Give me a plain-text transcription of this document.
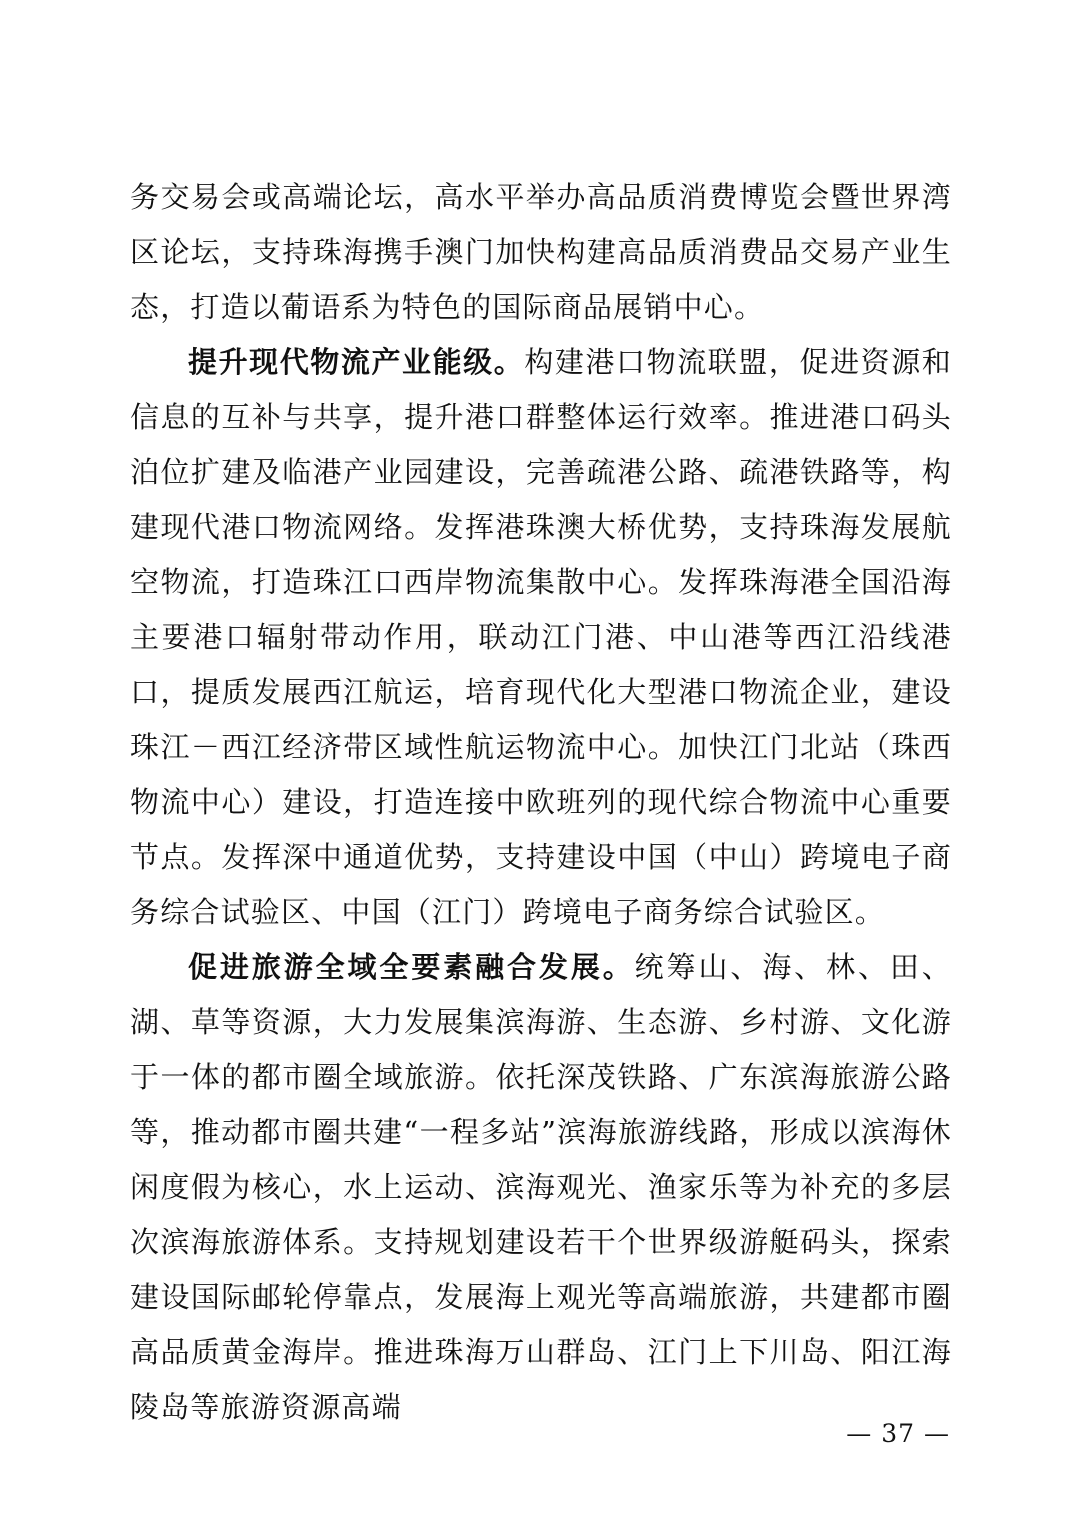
务交易会或高端论坛，高水平举办高品质消费博览会暨世界湾区论坛，支持珠海携手澳门加快构建高品质消费品交易产业生态，打造以葡语系为特色的国际商品展销中心。

提升现代物流产业能级。构建港口物流联盟，促进资源和信息的互补与共享，提升港口群整体运行效率。推进港口码头泊位扩建及临港产业园建设，完善疏港公路、疏港铁路等，构建现代港口物流网络。发挥港珠澳大桥优势，支持珠海发展航空物流，打造珠江口西岸物流集散中心。发挥珠海港全国沿海主要港口辐射带动作用，联动江门港、中山港等西江沿线港口，提质发展西江航运，培育现代化大型港口物流企业，建设珠江－西江经济带区域性航运物流中心。加快江门北站（珠西物流中心）建设，打造连接中欧班列的现代综合物流中心重要节点。发挥深中通道优势，支持建设中国（中山）跨境电子商务综合试验区、中国（江门）跨境电子商务综合试验区。

促进旅游全域全要素融合发展。统筹山、海、林、田、湖、草等资源，大力发展集滨海游、生态游、乡村游、文化游于一体的都市圈全域旅游。依托深茂铁路、广东滨海旅游公路等，推动都市圈共建“一程多站”滨海旅游线路，形成以滨海休闲度假为核心，水上运动、滨海观光、渔家乐等为补充的多层次滨海旅游体系。支持规划建设若干个世界级游艇码头，探索建设国际邮轮停靠点，发展海上观光等高端旅游，共建都市圈高品质黄金海岸。推进珠海万山群岛、江门上下川岛、阳江海陵岛等旅游资源高端

— 37 —
